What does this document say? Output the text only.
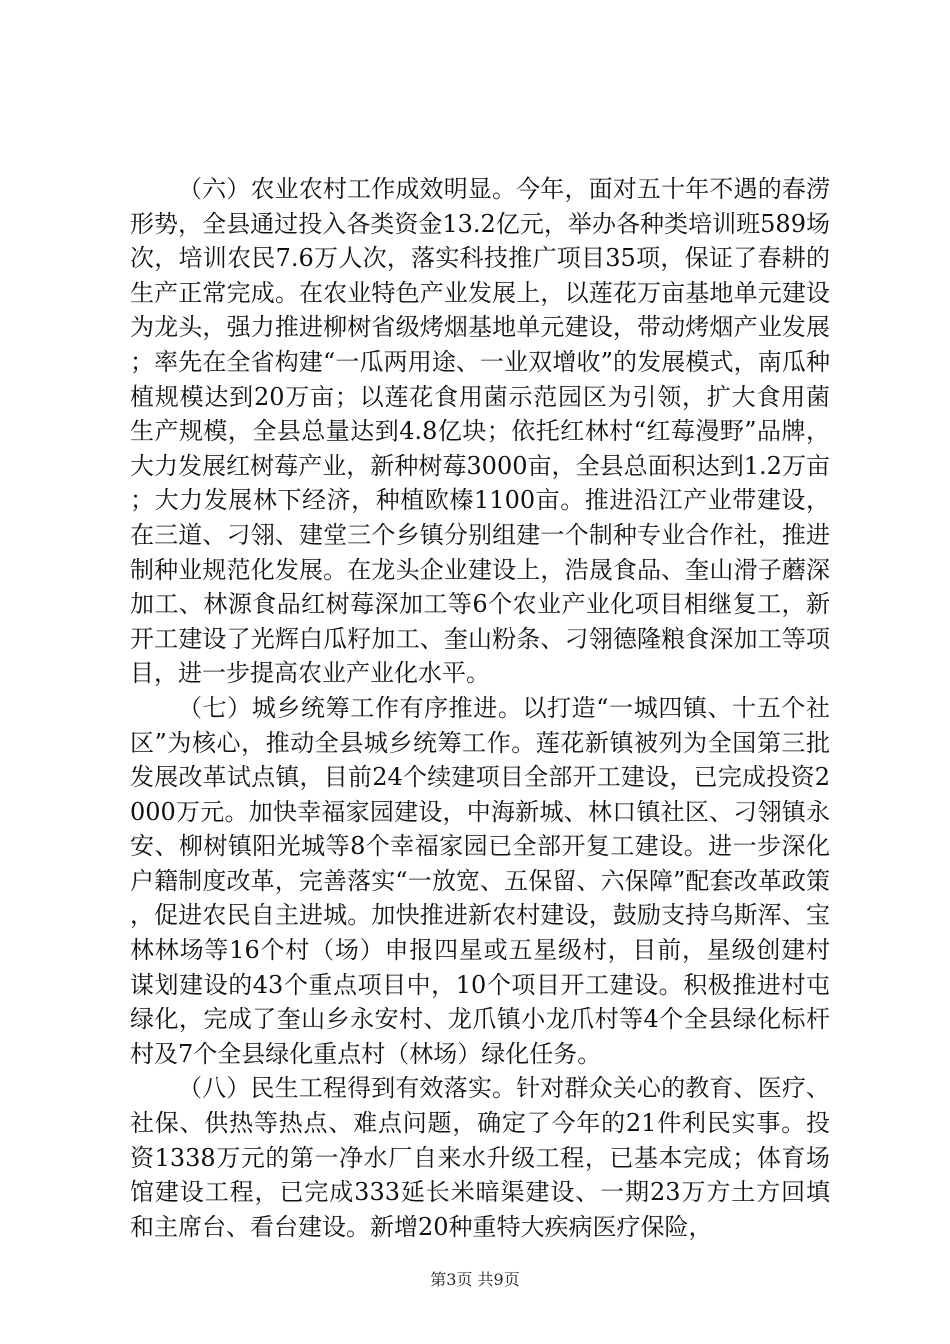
（六）农业农村工作成效明显。今年，面对五十年不遇的春涝形势，全县通过投入各类资金13.2亿元，举办各种类培训班589场次，培训农民7.6万人次，落实科技推广项目35项，保证了春耕的生产正常完成。在农业特色产业发展上，以莲花万亩基地单元建设为龙头，强力推进柳树省级烤烟基地单元建设，带动烤烟产业发展；率先在全省构建“一瓜两用途、一业双增收”的发展模式，南瓜种植规模达到20万亩；以莲花食用菌示范园区为引领，扩大食用菌生产规模，全县总量达到4.8亿块；依托红林村“红莓漫野”品牌，大力发展红树莓产业，新种树莓3000亩，全县总面积达到1.2万亩；大力发展林下经济，种植欧榛1100亩。推进沿江产业带建设，在三道、刁翎、建堂三个乡镇分别组建一个制种专业合作社，推进制种业规范化发展。在龙头企业建设上，浩晟食品、奎山滑子蘑深加工、林源食品红树莓深加工等6个农业产业化项目相继复工，新开工建设了光辉白瓜籽加工、奎山粉条、刁翎德隆粮食深加工等项目，进一步提高农业产业化水平。

（七）城乡统筹工作有序推进。以打造“一城四镇、十五个社区”为核心，推动全县城乡统筹工作。莲花新镇被列为全国第三批发展改革试点镇，目前24个续建项目全部开工建设，已完成投资2000万元。加快幸福家园建设，中海新城、林口镇社区、刁翎镇永安、柳树镇阳光城等8个幸福家园已全部开复工建设。进一步深化户籍制度改革，完善落实“一放宽、五保留、六保障”配套改革政策，促进农民自主进城。加快推进新农村建设，鼓励支持乌斯浑、宝林林场等16个村（场）申报四星或五星级村，目前，星级创建村谋划建设的43个重点项目中，10个项目开工建设。积极推进村屯绿化，完成了奎山乡永安村、龙爪镇小龙爪村等4个全县绿化标杆村及7个全县绿化重点村（林场）绿化任务。

（八）民生工程得到有效落实。针对群众关心的教育、医疗、社保、供热等热点、难点问题，确定了今年的21件利民实事。投资1338万元的第一净水厂自来水升级工程，已基本完成；体育场馆建设工程，已完成333延长米暗渠建设、一期23万方土方回填和主席台、看台建设。新增20种重特大疾病医疗保险，

第3页 共9页
